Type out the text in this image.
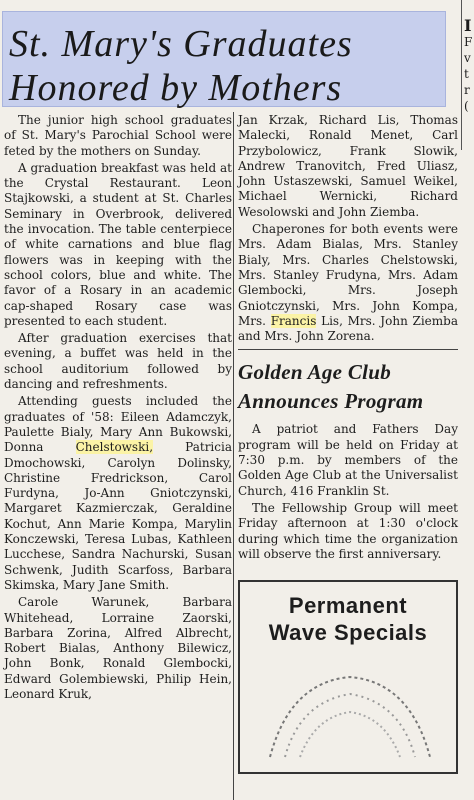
St. Mary's Graduates
Honored by Mothers
I
F
v
t
r
(

The junior high school graduates of St. Mary's Parochial School were feted by the mothers on Sunday.

A graduation breakfast was held at the Crystal Restaurant. Leon Stajkowski, a student at St. Charles Seminary in Overbrook, delivered the invocation. The table centerpiece of white carnations and blue flag flowers was in keeping with the school colors, blue and white. The favor of a Rosary in an academic cap-shaped Rosary case was presented to each student.

After graduation exercises that evening, a buffet was held in the school auditorium followed by dancing and refreshments.

Attending guests included the graduates of '58: Eileen Adamczyk, Paulette Bialy, Mary Ann Bukowski, Donna Chelstowski, Patricia Dmochowski, Carolyn Dolinsky, Christine Fredrickson, Carol Furdyna, Jo-Ann Gniotczynski, Margaret Kazmierczak, Geraldine Kochut, Ann Marie Kompa, Marylin Konczewski, Teresa Lubas, Kathleen Lucchese, Sandra Nachurski, Susan Schwenk, Judith Scarfoss, Barbara Skimska, Mary Jane Smith.

Carole Warunek, Barbara Whitehead, Lorraine Zaorski, Barbara Zorina, Alfred Albrecht, Robert Bialas, Anthony Bilewicz, John Bonk, Ronald Glembocki, Edward Golembiewski, Philip Hein, Leonard Kruk,

Jan Krzak, Richard Lis, Thomas Malecki, Ronald Menet, Carl Przybolowicz, Frank Slowik, Andrew Tranovitch, Fred Uliasz, John Ustaszewski, Samuel Weikel, Michael Wernicki, Richard Wesolowski and John Ziemba.

Chaperones for both events were Mrs. Adam Bialas, Mrs. Stanley Bialy, Mrs. Charles Chelstowski, Mrs. Stanley Frudyna, Mrs. Adam Glembocki, Mrs. Joseph Gniotczynski, Mrs. John Kompa, Mrs. Francis Lis, Mrs. John Ziemba and Mrs. John Zorena.

Golden Age Club Announces Program

A patriot and Fathers Day program will be held on Friday at 7:30 p.m. by members of the Golden Age Club at the Universalist Church, 416 Franklin St.

The Fellowship Group will meet Friday afternoon at 1:30 o'clock during which time the organization will observe the first anniversary.

Permanent
Wave Specials
